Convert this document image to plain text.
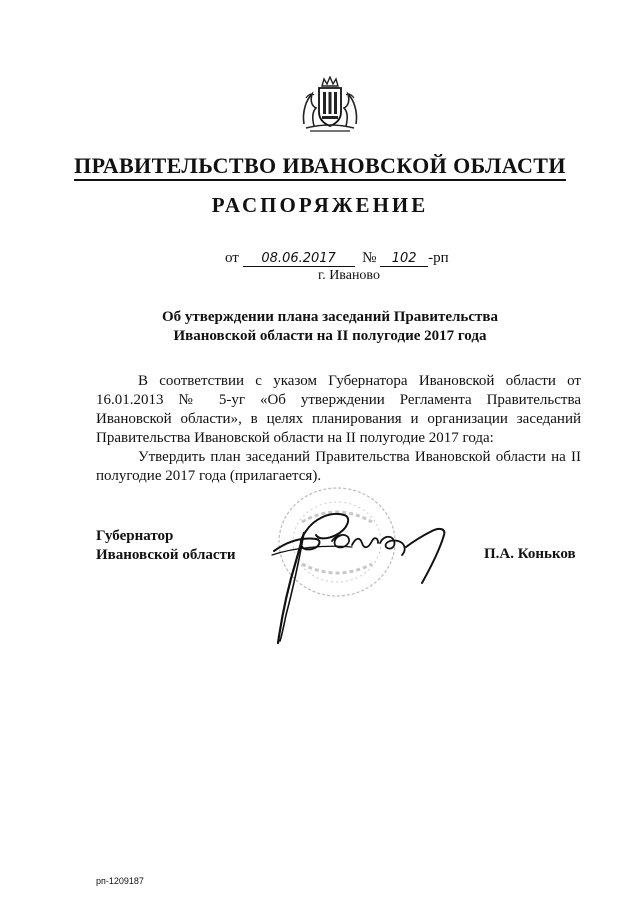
ПРАВИТЕЛЬСТВО ИВАНОВСКОЙ ОБЛАСТИ
РАСПОРЯЖЕНИЕ
от 08.06.2017 № 102 -рп
г. Иваново
Об утверждении плана заседаний Правительства
Ивановской области на II полугодие 2017 года

В соответствии с указом Губернатора Ивановской области от 16.01.2013 № 5-уг «Об утверждении Регламента Правительства Ивановской области», в целях планирования и организации заседаний Правительства Ивановской области на II полугодие 2017 года:

Утвердить план заседаний Правительства Ивановской области на II полугодие 2017 года (прилагается).

Губернатор
Ивановской области	П.А. Коньков
рп-1209187
